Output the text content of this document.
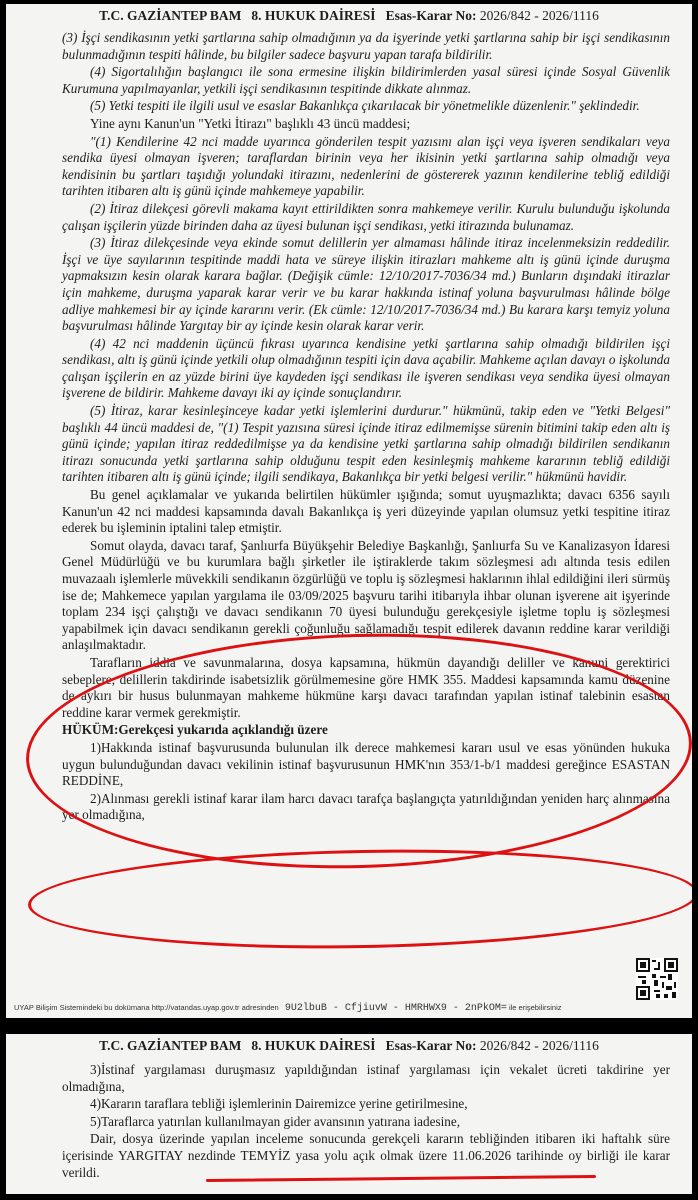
T.C. GAZİANTEP BAM 8. HUKUK DAİRESİ Esas-Karar No: 2026/842 - 2026/1116

(3) İşçi sendikasının yetki şartlarına sahip olmadığının ya da işyerinde yetki şartlarına sahip bir işçi sendikasının bulunmadığının tespiti hâlinde, bu bilgiler sadece başvuru yapan tarafa bildirilir.

(4) Sigortalılığın başlangıcı ile sona ermesine ilişkin bildirimlerden yasal süresi içinde Sosyal Güvenlik Kurumuna yapılmayanlar, yetkili işçi sendikasının tespitinde dikkate alınmaz.

(5) Yetki tespiti ile ilgili usul ve esaslar Bakanlıkça çıkarılacak bir yönetmelikle düzenlenir." şeklindedir.

Yine aynı Kanun'un "Yetki İtirazı" başlıklı 43 üncü maddesi;

"(1) Kendilerine 42 nci madde uyarınca gönderilen tespit yazısını alan işçi veya işveren sendikaları veya sendika üyesi olmayan işveren; taraflardan birinin veya her ikisinin yetki şartlarına sahip olmadığı veya kendisinin bu şartları taşıdığı yolundaki itirazını, nedenlerini de göstererek yazının kendilerine tebliğ edildiği tarihten itibaren altı iş günü içinde mahkemeye yapabilir.

(2) İtiraz dilekçesi görevli makama kayıt ettirildikten sonra mahkemeye verilir. Kurulu bulunduğu işkolunda çalışan işçilerin yüzde birinden daha az üyesi bulunan işçi sendikası, yetki itirazında bulunamaz.

(3) İtiraz dilekçesinde veya ekinde somut delillerin yer almaması hâlinde itiraz incelenmeksizin reddedilir. İşçi ve üye sayılarının tespitinde maddi hata ve süreye ilişkin itirazları mahkeme altı iş günü içinde duruşma yapmaksızın kesin olarak karara bağlar. (Değişik cümle: 12/10/2017-7036/34 md.) Bunların dışındaki itirazlar için mahkeme, duruşma yaparak karar verir ve bu karar hakkında istinaf yoluna başvurulması hâlinde bölge adliye mahkemesi bir ay içinde kararını verir. (Ek cümle: 12/10/2017-7036/34 md.) Bu karara karşı temyiz yoluna başvurulması hâlinde Yargıtay bir ay içinde kesin olarak karar verir.

(4) 42 nci maddenin üçüncü fıkrası uyarınca kendisine yetki şartlarına sahip olmadığı bildirilen işçi sendikası, altı iş günü içinde yetkili olup olmadığının tespiti için dava açabilir. Mahkeme açılan davayı o işkolunda çalışan işçilerin en az yüzde birini üye kaydeden işçi sendikası ile işveren sendikası veya sendika üyesi olmayan işverene de bildirir. Mahkeme davayı iki ay içinde sonuçlandırır.

(5) İtiraz, karar kesinleşinceye kadar yetki işlemlerini durdurur." hükmünü, takip eden ve "Yetki Belgesi" başlıklı 44 üncü maddesi de, "(1) Tespit yazısına süresi içinde itiraz edilmemişse sürenin bitimini takip eden altı iş günü içinde; yapılan itiraz reddedilmişse ya da kendisine yetki şartlarına sahip olmadığı bildirilen sendikanın itirazı sonucunda yetki şartlarına sahip olduğunu tespit eden kesinleşmiş mahkeme kararının tebliğ edildiği tarihten itibaren altı iş günü içinde; ilgili sendikaya, Bakanlıkça bir yetki belgesi verilir." hükmünü havidir.

Bu genel açıklamalar ve yukarıda belirtilen hükümler ışığında; somut uyuşmazlıkta; davacı 6356 sayılı Kanun'un 42 nci maddesi kapsamında davalı Bakanlıkça iş yeri düzeyinde yapılan olumsuz yetki tespitine itiraz ederek bu işleminin iptalini talep etmiştir.

Somut olayda, davacı taraf, Şanlıurfa Büyükşehir Belediye Başkanlığı, Şanlıurfa Su ve Kanalizasyon İdaresi Genel Müdürlüğü ve bu kurumlara bağlı şirketler ile iştiraklerde takım sözleşmesi adı altında tesis edilen muvazaalı işlemlerle müvekkili sendikanın özgürlüğü ve toplu iş sözleşmesi haklarının ihlal edildiğini ileri sürmüş ise de; Mahkemece yapılan yargılama ile 03/09/2025 başvuru tarihi itibarıyla ihbar olunan işverene ait işyerinde toplam 234 işçi çalıştığı ve davacı sendikanın 70 üyesi bulunduğu gerekçesiyle işletme toplu iş sözleşmesi yapabilmek için davacı sendikanın gerekli çoğunluğu sağlamadığı tespit edilerek davanın reddine karar verildiği anlaşılmaktadır.

Tarafların iddia ve savunmalarına, dosya kapsamına, hükmün dayandığı deliller ve kanuni gerektirici sebeplere, delillerin takdirinde isabetsizlik görülmemesine göre HMK 355. Maddesi kapsamında kamu düzenine de aykırı bir husus bulunmayan mahkeme hükmüne karşı davacı tarafından yapılan istinaf talebinin esastan reddine karar vermek gerekmiştir.

HÜKÜM:Gerekçesi yukarıda açıklandığı üzere

1)Hakkında istinaf başvurusunda bulunulan ilk derece mahkemesi kararı usul ve esas yönünden hukuka uygun bulunduğundan davacı vekilinin istinaf başvurusunun HMK'nın 353/1-b/1 maddesi gereğince ESASTAN REDDİNE,

2)Alınması gerekli istinaf karar ilam harcı davacı tarafça başlangıçta yatırıldığından yeniden harç alınmasına yer olmadığına,

UYAP Bilişim Sistemindeki bu dokümana http://vatandas.uyap.gov.tr adresinden 9U2lbuB - CfjiuvW - HMRHWX9 - 2nPkOM= ile erişebilirsiniz
T.C. GAZİANTEP BAM 8. HUKUK DAİRESİ Esas-Karar No: 2026/842 - 2026/1116

3)İstinaf yargılaması duruşmasız yapıldığından istinaf yargılaması için vekalet ücreti takdirine yer olmadığına,

4)Kararın taraflara tebliği işlemlerinin Dairemizce yerine getirilmesine,

5)Taraflarca yatırılan kullanılmayan gider avansının yatırana iadesine,

Dair, dosya üzerinde yapılan inceleme sonucunda gerekçeli kararın tebliğinden itibaren iki haftalık süre içerisinde YARGITAY nezdinde TEMYİZ yasa yolu açık olmak üzere 11.06.2026 tarihinde oy birliği ile karar verildi.
